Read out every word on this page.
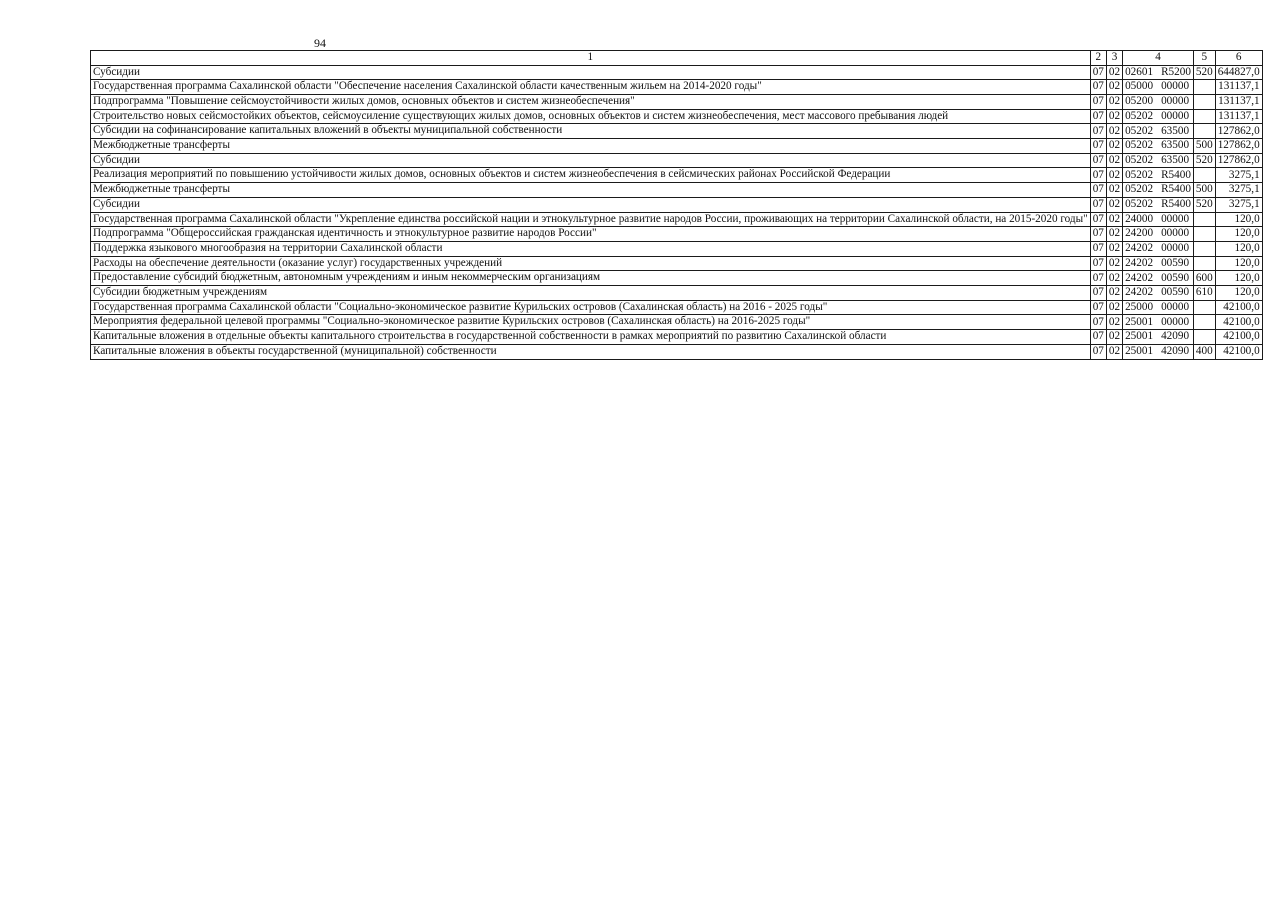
94
1	2	3	4	5	6
Субсидии	07	02	02601 R5200	520	644827,0
Государственная программа Сахалинской области "Обеспечение населения Сахалинской области качественным жильем на 2014-2020 годы"	07	02	05000 00000		131137,1
Подпрограмма "Повышение сейсмоустойчивости жилых домов, основных объектов и систем жизнеобеспечения"	07	02	05200 00000		131137,1
Строительство новых сейсмостойких объектов, сейсмоусиление существующих жилых домов, основных объектов и систем жизнеобеспечения, мест массового пребывания людей	07	02	05202 00000		131137,1
Субсидии на софинансирование капитальных вложений в объекты муниципальной собственности	07	02	05202 63500		127862,0
Межбюджетные трансферты	07	02	05202 63500	500	127862,0
Субсидии	07	02	05202 63500	520	127862,0
Реализация мероприятий по повышению устойчивости жилых домов, основных объектов и систем жизнеобеспечения в сейсмических районах Российской Федерации	07	02	05202 R5400		3275,1
Межбюджетные трансферты	07	02	05202 R5400	500	3275,1
Субсидии	07	02	05202 R5400	520	3275,1
Государственная программа Сахалинской области "Укрепление единства российской нации и этнокультурное развитие народов России, проживающих на территории Сахалинской области, на 2015-2020 годы"	07	02	24000 00000		120,0
Подпрограмма "Общероссийская гражданская идентичность и этнокультурное развитие народов России"	07	02	24200 00000		120,0
Поддержка языкового многообразия на территории Сахалинской области	07	02	24202 00000		120,0
Расходы на обеспечение деятельности (оказание услуг) государственных учреждений	07	02	24202 00590		120,0
Предоставление субсидий бюджетным, автономным учреждениям и иным некоммерческим организациям	07	02	24202 00590	600	120,0
Субсидии бюджетным учреждениям	07	02	24202 00590	610	120,0
Государственная программа Сахалинской области "Социально-экономическое развитие Курильских островов (Сахалинская область) на 2016 - 2025 годы"	07	02	25000 00000		42100,0
Мероприятия федеральной целевой программы "Социально-экономическое развитие Курильских островов (Сахалинская область) на 2016-2025 годы"	07	02	25001 00000		42100,0
Капитальные вложения в отдельные объекты капитального строительства в государственной собственности в рамках мероприятий по развитию Сахалинской области	07	02	25001 42090		42100,0
Капитальные вложения в объекты государственной (муниципальной) собственности	07	02	25001 42090	400	42100,0
